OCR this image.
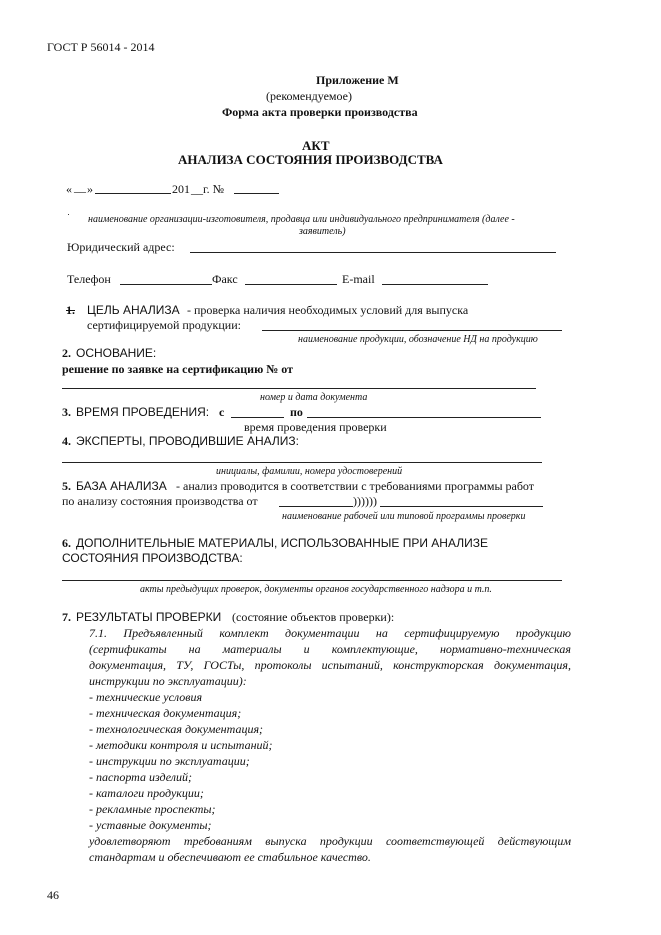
ГОСТ Р 56014 - 2014
Приложение М
(рекомендуемое)
Форма акта проверки производства
АКТ
АНАЛИЗА СОСТОЯНИЯ ПРОИЗВОДСТВА
« __ »	201 __г. №
· наименование организации-изготовителя, продавца или индивидуального предпринимателя (далее -
заявитель)
Юридический адрес:
Телефон	Факс	E-mail
1. ЦЕЛЬ АНАЛИЗА - проверка наличия необходимых условий для выпуска
сертифицируемой продукции:
наименование продукции, обозначение НД на продукцию
2. ОСНОВАНИЕ:
решение по заявке на сертификацию № от
номер и дата документа
3. ВРЕМЯ ПРОВЕДЕНИЯ: с	по
время проведения проверки
4. ЭКСПЕРТЫ, ПРОВОДИВШИЕ АНАЛИЗ:
инициалы, фамилии, номера удостоверений
5. БАЗА АНАЛИЗА - анализ проводится в соответствии с требованиями программы работ
по анализу состояния производства от	))))))
наименование рабочей или типовой программы проверки
6. ДОПОЛНИТЕЛЬНЫЕ МАТЕРИАЛЫ, ИСПОЛЬЗОВАННЫЕ ПРИ АНАЛИЗЕ
СОСТОЯНИЯ ПРОИЗВОДСТВА:
акты предыдущих проверок, документы органов государственного надзора и т.п.
7. РЕЗУЛЬТАТЫ ПРОВЕРКИ (состояние объектов проверки):
7.1. Предъявленный комплект документации на сертифицируемую продукцию
(сертификаты на материалы и комплектующие, нормативно-техническая
документация, ТУ, ГОСТы, протоколы испытаний, конструкторская документация,
инструкции по эксплуатации):
- технические условия
- техническая документация;
- технологическая документация;
- методики контроля и испытаний;
- инструкции по эксплуатации;
- паспорта изделий;
- каталоги продукции;
- рекламные проспекты;
- уставные документы;
удовлетворяют требованиям выпуска продукции соответствующей действующим
стандартам и обеспечивают ее стабильное качество.
46
